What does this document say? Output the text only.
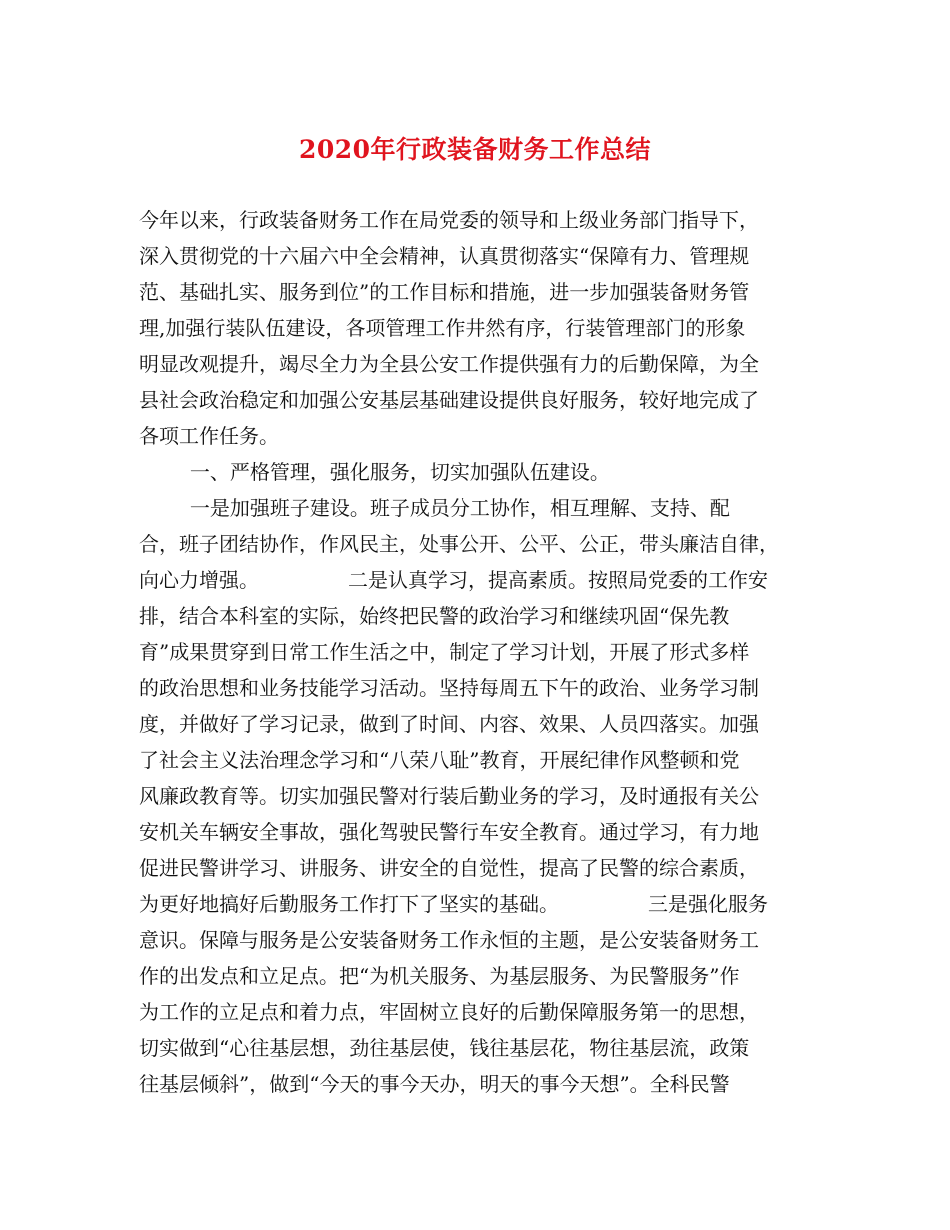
2020年行政装备财务工作总结
今年以来，行政装备财务工作在局党委的领导和上级业务部门指导下，
深入贯彻党的十六届六中全会精神，认真贯彻落实“保障有力、管理规
范、基础扎实、服务到位”的工作目标和措施，进一步加强装备财务管
理,加强行装队伍建设，各项管理工作井然有序，行装管理部门的形象
明显改观提升，竭尽全力为全县公安工作提供强有力的后勤保障，为全
县社会政治稳定和加强公安基层基础建设提供良好服务，较好地完成了
各项工作任务。
一、严格管理，强化服务，切实加强队伍建设。
一是加强班子建设。班子成员分工协作，相互理解、支持、配
合，班子团结协作，作风民主，处事公开、公平、公正，带头廉洁自律，
向心力增强。              二是认真学习，提高素质。按照局党委的工作安
排，结合本科室的实际，始终把民警的政治学习和继续巩固“保先教
育”成果贯穿到日常工作生活之中，制定了学习计划，开展了形式多样
的政治思想和业务技能学习活动。坚持每周五下午的政治、业务学习制
度，并做好了学习记录，做到了时间、内容、效果、人员四落实。加强
了社会主义法治理念学习和“八荣八耻”教育，开展纪律作风整顿和党
风廉政教育等。切实加强民警对行装后勤业务的学习，及时通报有关公
安机关车辆安全事故，强化驾驶民警行车安全教育。通过学习，有力地
促进民警讲学习、讲服务、讲安全的自觉性，提高了民警的综合素质，
为更好地搞好后勤服务工作打下了坚实的基础。              三是强化服务
意识。保障与服务是公安装备财务工作永恒的主题，是公安装备财务工
作的出发点和立足点。把“为机关服务、为基层服务、为民警服务”作
为工作的立足点和着力点，牢固树立良好的后勤保障服务第一的思想，
切实做到“心往基层想，劲往基层使，钱往基层花，物往基层流，政策
往基层倾斜”，做到“今天的事今天办，明天的事今天想”。全科民警
